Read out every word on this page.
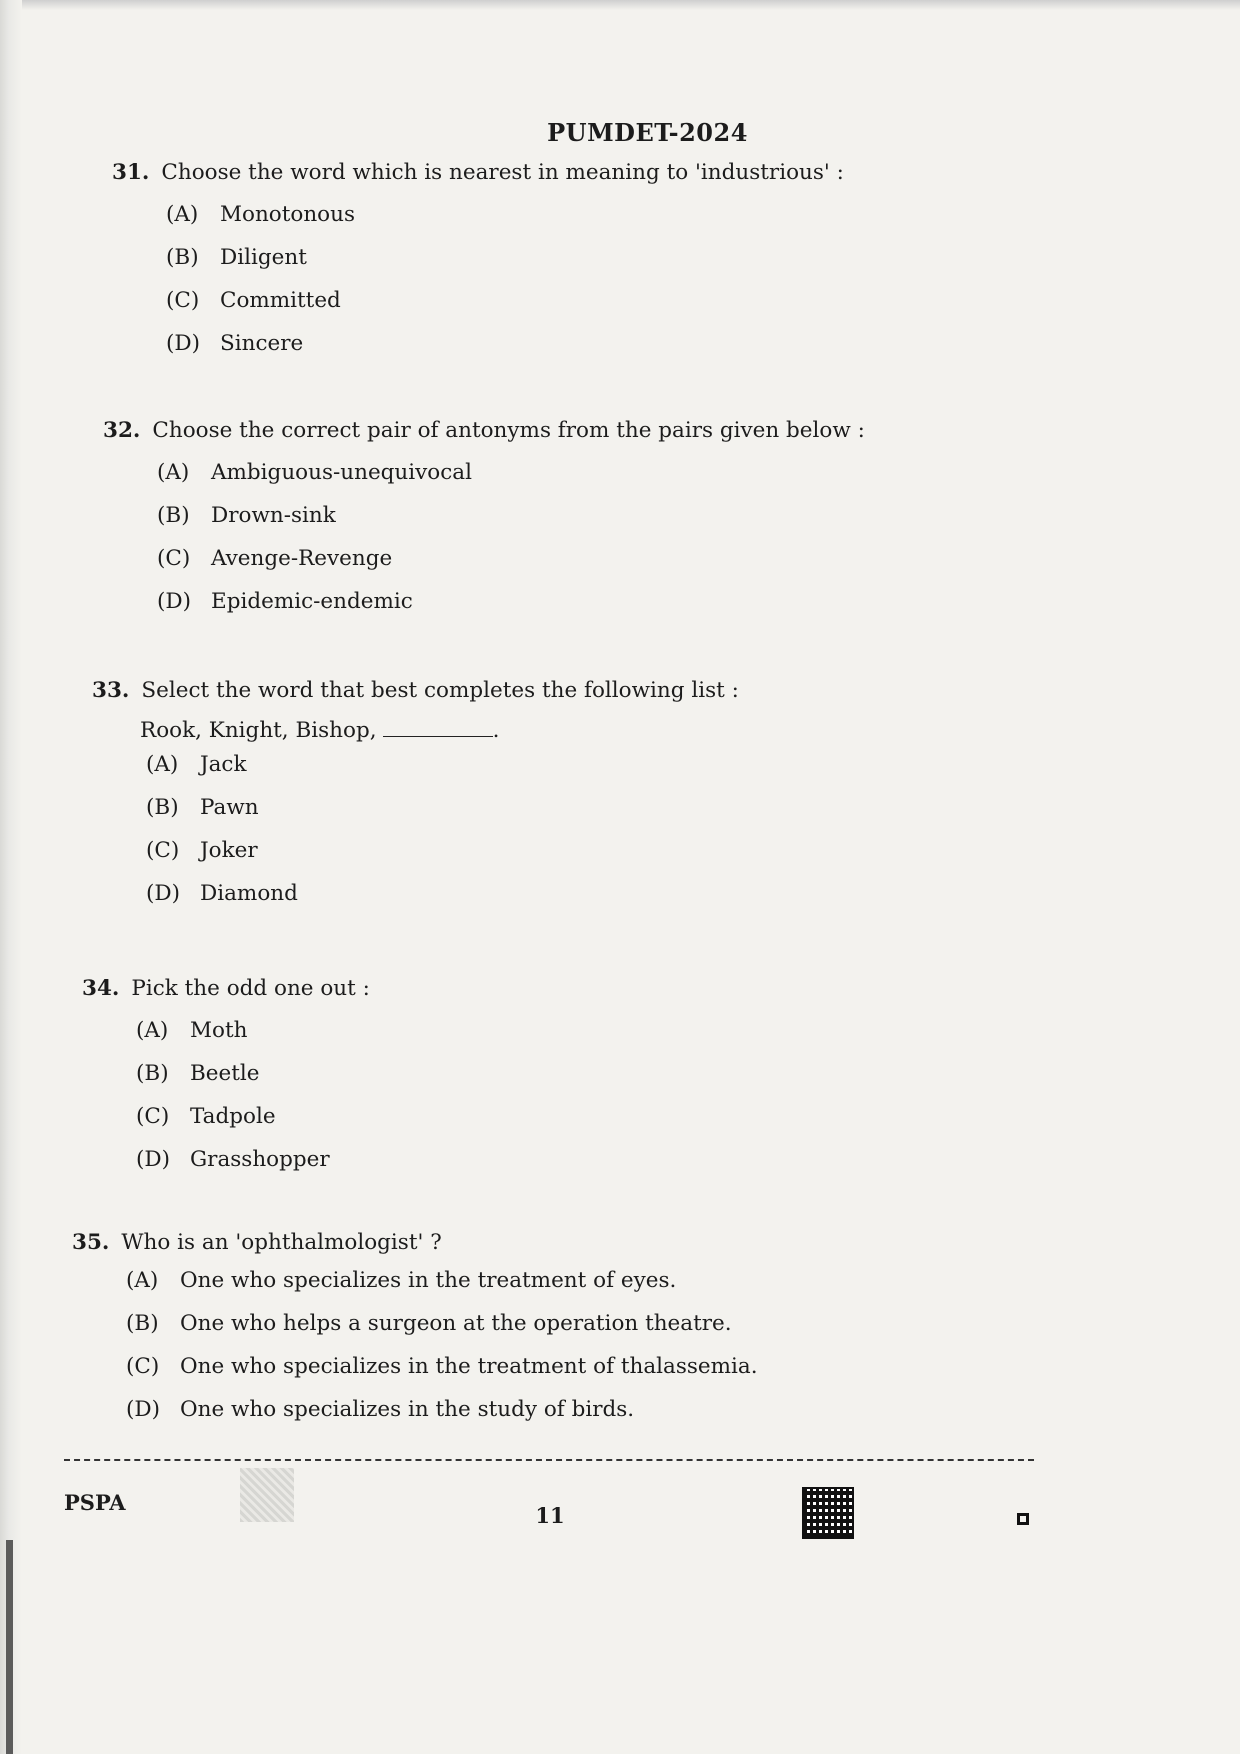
PUMDET-2024
31. Choose the word which is nearest in meaning to 'industrious' :
(A) Monotonous
(B) Diligent
(C) Committed
(D) Sincere
32. Choose the correct pair of antonyms from the pairs given below :
(A) Ambiguous-unequivocal
(B) Drown-sink
(C) Avenge-Revenge
(D) Epidemic-endemic
33. Select the word that best completes the following list :
Rook, Knight, Bishop,	.
(A) Jack
(B) Pawn
(C) Joker
(D) Diamond
34. Pick the odd one out :
(A) Moth
(B) Beetle
(C) Tadpole
(D) Grasshopper
35. Who is an 'ophthalmologist' ?
(A) One who specializes in the treatment of eyes.
(B) One who helps a surgeon at the operation theatre.
(C) One who specializes in the treatment of thalassemia.
(D) One who specializes in the study of birds.
PSPA
11
